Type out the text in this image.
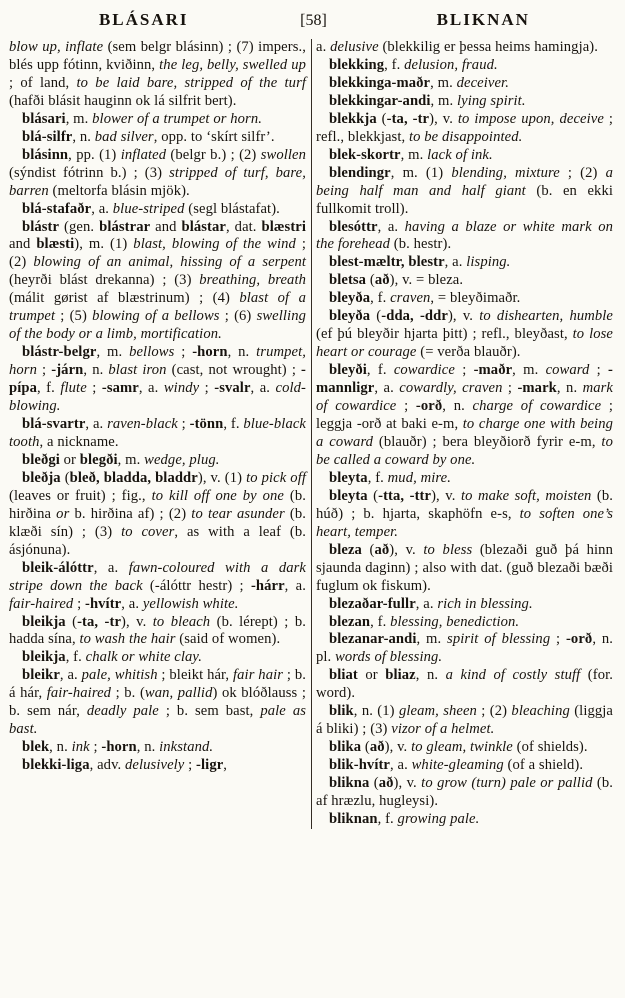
BLÁSARI	[58]	BLIKNAN

blow up, inflate (sem belgr blásinn) ; (7) impers., blés upp fótinn, kviðinn, the leg, belly, swelled up ; of land, to be laid bare, stripped of the turf (hafði blásit hauginn ok lá silfrit bert).

blásari, m. blower of a trumpet or horn.

blá-silfr, n. bad silver, opp. to ‘skírt silfr’.

blásinn, pp. (1) inflated (belgr b.) ; (2) swollen (sýndist fótrinn b.) ; (3) stripped of turf, bare, barren (meltorfa blásin mjök).

blá-stafaðr, a. blue-striped (segl blástafat).

blástr (gen. blástrar and blástar, dat. blæstri and blæsti), m. (1) blast, blowing of the wind ; (2) blowing of an animal, hissing of a serpent (heyrði blást drekanna) ; (3) breathing, breath (málit gørist af blæstrinum) ; (4) blast of a trumpet ; (5) blowing of a bellows ; (6) swelling of the body or a limb, mortification.

blástr-belgr, m. bellows ; -horn, n. trumpet, horn ; -járn, n. blast iron (cast, not wrought) ; -pípa, f. flute ; -samr, a. windy ; -svalr, a. cold-blowing.

blá-svartr, a. raven-black ; -tönn, f. blue-black tooth, a nickname.

bleðgi or blegði, m. wedge, plug.

bleðja (bleð, bladda, bladdr), v. (1) to pick off (leaves or fruit) ; fig., to kill off one by one (b. hirðina or b. hirðina af) ; (2) to tear asunder (b. klæði sín) ; (3) to cover, as with a leaf (b. ásjónuna).

bleik-álóttr, a. fawn-coloured with a dark stripe down the back (-álóttr hestr) ; -hárr, a. fair-haired ; -hvítr, a. yellowish white.

bleikja (-ta, -tr), v. to bleach (b. lérept) ; b. hadda sína, to wash the hair (said of women).

bleikja, f. chalk or white clay.

bleikr, a. pale, whitish ; bleikt hár, fair hair ; b. á hár, fair-haired ; b. (wan, pallid) ok blóðlauss ; b. sem nár, deadly pale ; b. sem bast, pale as bast.

blek, n. ink ; -horn, n. inkstand.

blekki-liga, adv. delusively ; -ligr,

a. delusive (blekkilig er þessa heims hamingja).

blekking, f. delusion, fraud.

blekkinga-maðr, m. deceiver.

blekkingar-andi, m. lying spirit.

blekkja (-ta, -tr), v. to impose upon, deceive ; refl., blekkjast, to be disappointed.

blek-skortr, m. lack of ink.

blendingr, m. (1) blending, mixture ; (2) a being half man and half giant (b. en ekki fullkomit troll).

blesóttr, a. having a blaze or white mark on the forehead (b. hestr).

blest-mæltr, blestr, a. lisping.

bletsa (að), v. = bleza.

bleyða, f. craven, = bleyðimaðr.

bleyða (-dda, -ddr), v. to dishearten, humble (ef þú bleyðir hjarta þitt) ; refl., bleyðast, to lose heart or courage (= verða blauðr).

bleyði, f. cowardice ; -maðr, m. coward ; -mannligr, a. cowardly, craven ; -mark, n. mark of cowardice ; -orð, n. charge of cowardice ; leggja -orð at baki e-m, to charge one with being a coward (blauðr) ; bera bleyðiorð fyrir e-m, to be called a coward by one.

bleyta, f. mud, mire.

bleyta (-tta, -ttr), v. to make soft, moisten (b. húð) ; b. hjarta, skaphöfn e-s, to soften one’s heart, temper.

bleza (að), v. to bless (blezaði guð þá hinn sjaunda daginn) ; also with dat. (guð blezaði bæði fuglum ok fiskum).

blezaðar-fullr, a. rich in blessing.

blezan, f. blessing, benediction.

blezanar-andi, m. spirit of blessing ; -orð, n. pl. words of blessing.

bliat or bliaz, n. a kind of costly stuff (for. word).

blik, n. (1) gleam, sheen ; (2) bleaching (liggja á bliki) ; (3) vizor of a helmet.

blika (að), v. to gleam, twinkle (of shields).

blik-hvítr, a. white-gleaming (of a shield).

blikna (að), v. to grow (turn) pale or pallid (b. af hræzlu, hugleysi).

bliknan, f. growing pale.
